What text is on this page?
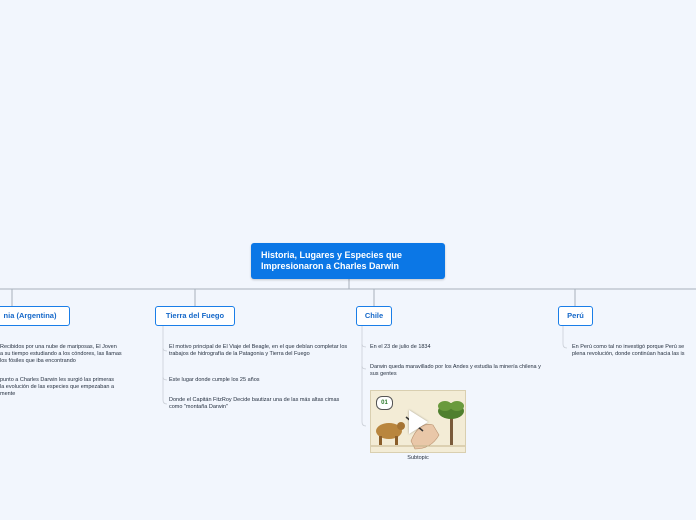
Historia, Lugares y Especies que Impresionaron a Charles Darwin
nia (Argentina)
Recibidos por una nube de mariposas, El Joven
a su tiempo estudiando a los cóndores, las llamas
los fósiles que iba encontrando
punto a Charles Darwin les surgió las primeras
la evolución de las especies que empezaban a
mente
Tierra del Fuego
El motivo principal de El Viaje del Beagle, en el que debían completar los trabajos de hidrografía de la Patagonia y Tierra del Fuego
Este lugar donde cumple los 25 años
Donde el Capitán FitzRoy Decide bautizar una de las más altas cimas como "montaña Darwin"
Chile
En el 23 de julio de 1834
Darwin queda maravillado por los Andes y estudia la minería chilena y sus gentes
01
Subtopic
Perú
En Perú como tal no investigó porque Perú se
plena revolución, donde continúan hacia las is
